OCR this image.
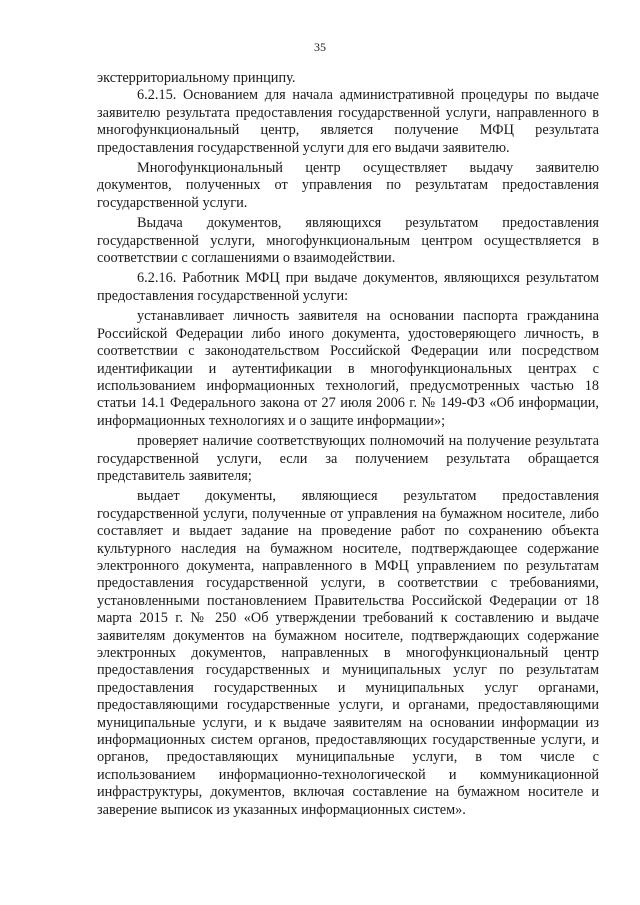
35

экстерриториальному принципу.

6.2.15. Основанием для начала административной процедуры по выдаче заявителю результата предоставления государственной услуги, направленного в многофункциональный центр, является получение МФЦ результата предоставления государственной услуги для его выдачи заявителю.

Многофункциональный центр осуществляет выдачу заявителю документов, полученных от управления по результатам предоставления государственной услуги.

Выдача документов, являющихся результатом предоставления государственной услуги, многофункциональным центром осуществляется в соответствии с соглашениями о взаимодействии.

6.2.16. Работник МФЦ при выдаче документов, являющихся результатом предоставления государственной услуги:

устанавливает личность заявителя на основании паспорта гражданина Российской Федерации либо иного документа, удостоверяющего личность, в соответствии с законодательством Российской Федерации или посредством идентификации и аутентификации в многофункциональных центрах с использованием информационных технологий, предусмотренных частью 18 статьи 14.1 Федерального закона от 27 июля 2006 г. № 149-ФЗ «Об информации, информационных технологиях и о защите информации»;

проверяет наличие соответствующих полномочий на получение результата государственной услуги, если за получением результата обращается представитель заявителя;

выдает документы, являющиеся результатом предоставления государственной услуги, полученные от управления на бумажном носителе, либо составляет и выдает задание на проведение работ по сохранению объекта культурного наследия на бумажном носителе, подтверждающее содержание электронного документа, направленного в МФЦ управлением по результатам предоставления государственной услуги, в соответствии с требованиями, установленными постановлением Правительства Российской Федерации от 18 марта 2015 г. № 250 «Об утверждении требований к составлению и выдаче заявителям документов на бумажном носителе, подтверждающих содержание электронных документов, направленных в многофункциональный центр предоставления государственных и муниципальных услуг по результатам предоставления государственных и муниципальных услуг органами, предоставляющими государственные услуги, и органами, предоставляющими муниципальные услуги, и к выдаче заявителям на основании информации из информационных систем органов, предоставляющих государственные услуги, и органов, предоставляющих муниципальные услуги, в том числе с использованием информационно-технологической и коммуникационной инфраструктуры, документов, включая составление на бумажном носителе и заверение выписок из указанных информационных систем».
